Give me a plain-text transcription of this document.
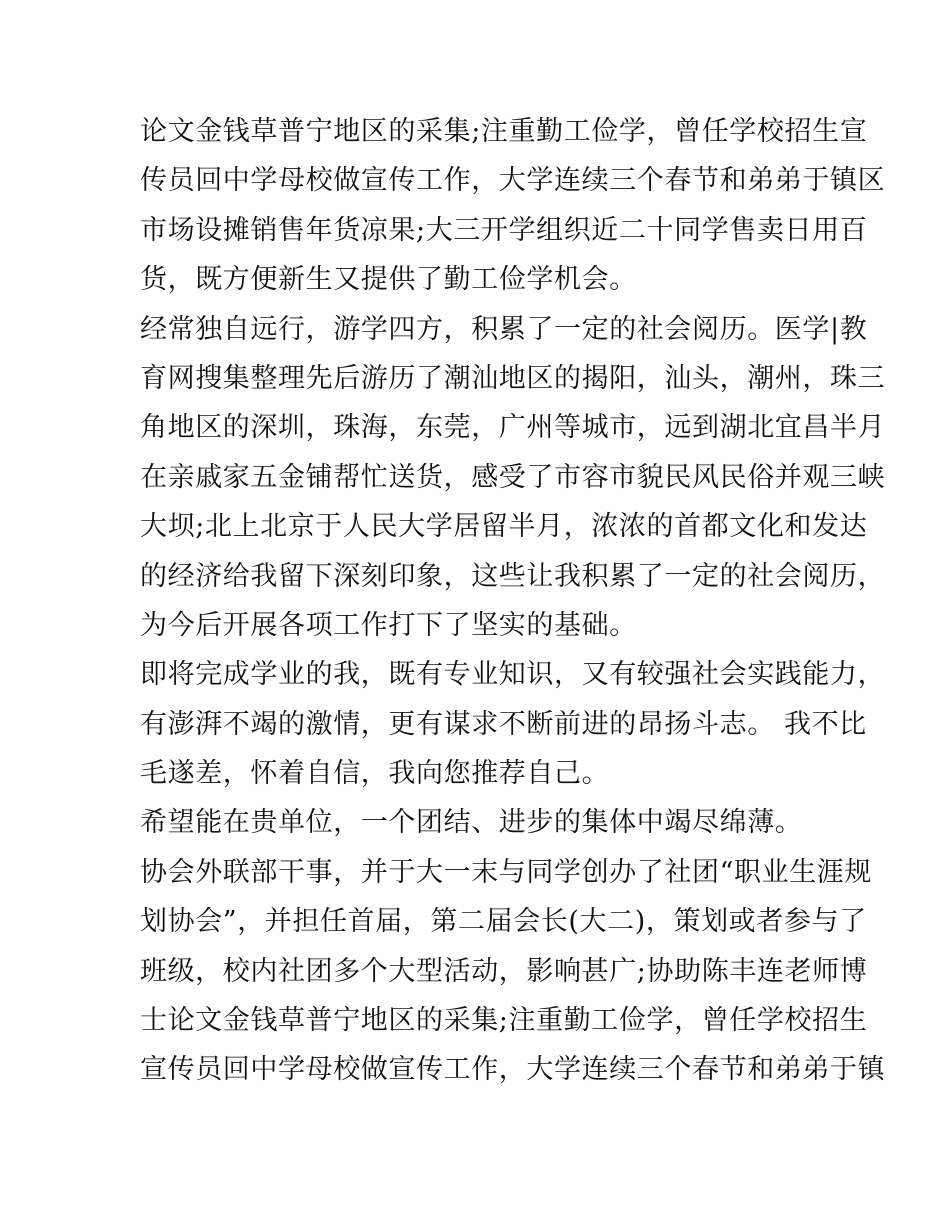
论文金钱草普宁地区的采集;注重勤工俭学，曾任学校招生宣
传员回中学母校做宣传工作，大学连续三个春节和弟弟于镇区
市场设摊销售年货凉果;大三开学组织近二十同学售卖日用百
货，既方便新生又提供了勤工俭学机会。
经常独自远行，游学四方，积累了一定的社会阅历。医学|教
育网搜集整理先后游历了潮汕地区的揭阳，汕头，潮州，珠三
角地区的深圳，珠海，东莞，广州等城市，远到湖北宜昌半月
在亲戚家五金铺帮忙送货，感受了市容市貌民风民俗并观三峡
大坝;北上北京于人民大学居留半月，浓浓的首都文化和发达
的经济给我留下深刻印象，这些让我积累了一定的社会阅历，
为今后开展各项工作打下了坚实的基础。
即将完成学业的我，既有专业知识，又有较强社会实践能力，
有澎湃不竭的激情，更有谋求不断前进的昂扬斗志。 我不比
毛遂差，怀着自信，我向您推荐自己。
希望能在贵单位，一个团结、进步的集体中竭尽绵薄。
协会外联部干事，并于大一末与同学创办了社团“职业生涯规
划协会”，并担任首届，第二届会长(大二)，策划或者参与了
班级，校内社团多个大型活动，影响甚广;协助陈丰连老师博
士论文金钱草普宁地区的采集;注重勤工俭学，曾任学校招生
宣传员回中学母校做宣传工作，大学连续三个春节和弟弟于镇
